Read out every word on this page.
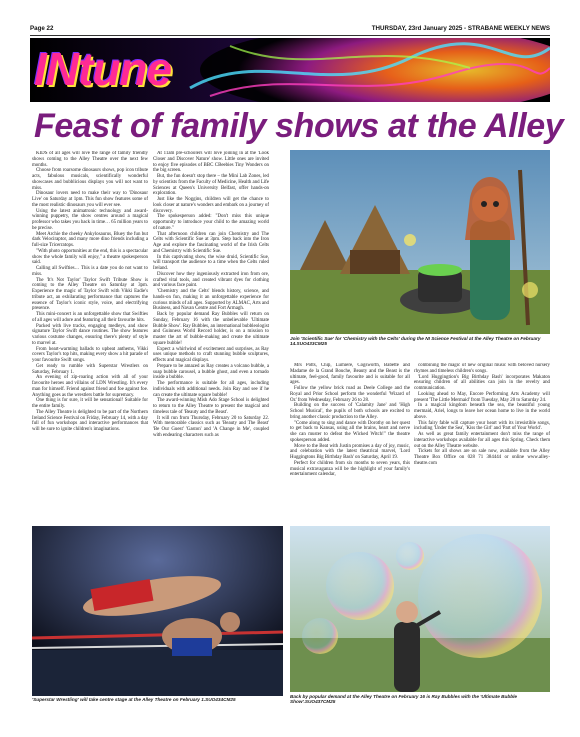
Page 22	THURSDAY, 23rd January 2025 - STRABANE WEEKLY NEWS
INtune
Feast of family shows at the Alley

KIDS of all ages will love the range of family friendly shows coming to the Alley Theatre over the next few months.

Choose from roarsome dinosaurs shows, pop icon tribute acts, fabulous musicals, scientifically wonderful showcases and bubblicious displays you will not want to miss.

Dinosaur lovers need to make their way to 'Dinosaur Live' on Saturday at 1pm. This fun show features some of the most realistic dinosaurs you will ever see.

Using the latest animatronic technology and award-winning puppetry, the show centres around a magical professor who takes you back in time… 65 million years to be precise.

Meet Archie the cheeky Ankylosaurus, Bluey the fun but dark Velociraptor, and many more dino friends including a full-size Tricerratops.

"With photo opportunities at the end, this is a spectacular show the whole family will enjoy," a theatre spokesperson said.

Calling all Swifties… This is a date you do not want to miss.

The 'It's Not Taylor' Taylor Swift Tribute Show is coming to the Alley Theatre on Saturday at 3pm. Experience the magic of Taylor Swift with Vikki Eadie's tribute act, an exhilarating performance that captures the essence of Taylor's iconic style, voice, and electrifying presence.

This mini-concert is an unforgettable show that Swifties of all ages will adore and featuring all their favourite hits.

Packed with live tracks, engaging medleys, and show signature Taylor Swift dance routines. The show features various costume changes, ensuring there's plenty of style to marvel at.

From heart-warming ballads to upbeat anthems, Vikki covers Taylor's top hits, making every show a hit parade of your favourite Swift songs.

Get ready to rumble with Superstar Wrestlers on Saturday, February 1.

An evening of zip-roaring action with all of your favourite heroes and villains of LDN Wrestling. It's every man for himself. Friend against friend and foe against foe. Anything goes as the wrestlers battle for supremacy.

One thing is for sure, it will be sensational! Suitable for the entire family.

The Alley Theatre is delighted to be part of the Northern Ireland Science Festival on Friday, February 14, with a day full of fun workshops and interactive performances that will be sure to ignite children's imaginations.

At 11am pre-schoolers will love joining in at the 'Look Closer and Discover Nature' show. Little ones are invited to enjoy five episodes of BBC CBeebies Tiny Wonders on the big screen.

But, the fun doesn't stop there – the Mini Lab Zones, led by scientists from the Faculty of Medicine, Health and Life Sciences at Queen's University Belfast, offer hands-on exploration.

Just like the Noggins, children will get the chance to look closer at nature's wonders and embark on a journey of discovery.

The spokesperson added: "Don't miss this unique opportunity to introduce your child to the amazing world of nature."

That afternoon children can join Chemistry and The Celts with Scientific Sue at 3pm. Step back into the Iron Age and explore the fascinating world of the Irish Celts and Chemistry with Scientific Sue.

In this captivating show, the wise druid, Scientific Sue, will transport the audience to a time when the Celts ruled Ireland.

Discover how they ingeniously extracted iron from ore, crafted vital tools, and created vibrant dyes for clothing and various face paint.

'Chemistry and the Celts' blends history, science, and hands-on fun, making it an unforgettable experience for curious minds of all ages. Supported by ALMAC, Arts and Business, and Navan Centre and Fort Armagh.

Back by popular demand Ray Bubbles will return on Sunday, February 16 with the unbelievable 'Ultimate Bubble Show'. Ray Bubbles, an international bubbleologist and Guinness World Record holder, is on a mission to master the art of bubble-making and create the ultimate square bubble!

Expect a whirlwind of excitement and surprises, as Ray uses unique methods to craft stunning bubble sculptures, effects and magical displays.

Prepare to be amazed as Ray creates a volcano bubble, a soap bubble carousel, a bubble ghost, and even a tornado inside a bubble.

The performance is suitable for all ages, including individuals with additional needs. Join Ray and see if he can create the ultimate square bubble!

The award-winning Mish Ado Stage School is delighted to return to the Alley Theatre to present the magical and timeless tale of 'Beauty and the Beast'.

It will run from Thursday, February 20 to Saturday 22. With memorable classics such as 'Beauty and The Beast' 'Be Our Guest' 'Gaston' and 'A Change in Me', coupled with endearing characters such as

Join 'Scientific Sue' for 'Chemistry with the Celts' during the NI Science Festival at the Alley Theatre on February 14.SUO433CM25

Mrs Potts, Chip, Lumiere, Cogsworth, Babette and Madame de la Grand Bouche, Beauty and the Beast is the ultimate, feel-good, family favourite and is suitable for all ages.

Follow the yellow brick road as Deele College and the Royal and Prior School perform the wonderful 'Wizard of Oz' from Wednesday, February 26 to 28.

Building on the success of 'Calamity Jane' and 'High School Musical', the pupils of both schools are excited to bring another classic production to the Alley.

"Come along to sing and dance with Dorothy on her quest to get back to Kansas, using all the brains, heart and nerve she can muster to defeat the Wicked Witch!" the theatre spokesperson added.

Move to the Beat with Justin promises a day of joy, music, and celebration with the latest theatrical marvel, 'Lord Huggingtons Big Birthday Bash' on Saturday, April 19.

Perfect for children from six months to seven years, this musical extravaganza will be the highlight of your family's entertainment calendar,

combining the magic of new original music with beloved nursery rhymes and timeless children's songs.

'Lord Huggingtion's Big Birthday Bash' incorporates Makaton ensuring children of all abilities can join in the revelry and communication.

Looking ahead to May, Encore Performing Arts Academy will present 'The Little Mermaid' from Tuesday, May 20 to Saturday 24.

In a magical kingdom beneath the sea, the beautiful young mermaid, Ariel, longs to leave her ocean home to live in the world above.

This fairy fable will capture your heart with its irresistible songs, including 'Under the Sea', 'Kiss the Girl' and 'Part of Your World'.

As well as great family entertainment don't miss the range of interactive workshops available for all ages this Spring. Check them out on the Alley Theatre website.

Tickets for all shows are on sale now, available from the Alley Theatre Box Office on 028 71 384444 or online www.alley-theatre.com

'Superstar Wrestling' will take centre stage at the Alley Theatre on February 1.SUO434CM25
Back by popular demand at the Alley Theatre on February 16 is Ray Bubbles with the 'Ultimate Bubble Show'.SUO437CM25
